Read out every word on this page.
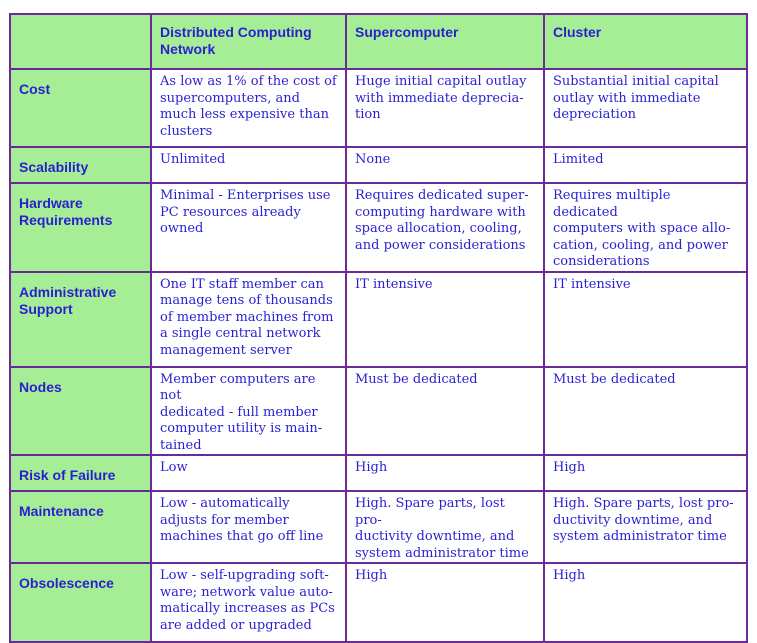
	Distributed Computing
Network	Supercomputer	Cluster

Cost	As low as 1% of the cost of
supercomputers, and
much less expensive than
clusters	Huge initial capital outlay
with immediate deprecia-
tion	Substantial initial capital
outlay with immediate
depreciation

Scalability	Unlimited	None	Limited

Hardware
Requirements	Minimal - Enterprises use
PC resources already
owned	Requires dedicated super-
computing hardware with
space allocation, cooling,
and power considerations	Requires multiple dedicated
computers with space allo-
cation, cooling, and power
considerations

Administrative
Support	One IT staff member can
manage tens of thousands
of member machines from
a single central network
management server	IT intensive	IT intensive

Nodes	Member computers are not
dedicated - full member
computer utility is main-
tained	Must be dedicated	Must be dedicated

Risk of Failure	Low	High	High

Maintenance	Low - automatically
adjusts for member
machines that go off line	High. Spare parts, lost pro-
ductivity downtime, and
system administrator time	High. Spare parts, lost pro-
ductivity downtime, and
system administrator time

Obsolescence	Low - self-upgrading soft-
ware; network value auto-
matically increases as PCs
are added or upgraded	High	High
